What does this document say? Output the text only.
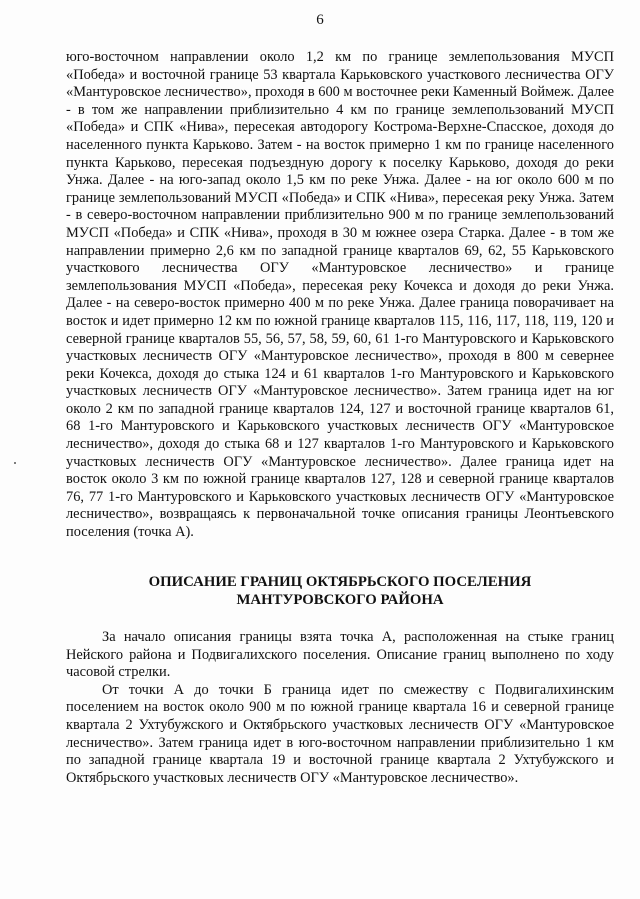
6

юго-восточном направлении около 1,2 км по границе землепользования МУСП «Победа» и восточной границе 53 квартала Карьковского участкового лесничества ОГУ «Мантуровское лесничество», проходя в 600 м восточнее реки Каменный Воймеж. Далее - в том же направлении приблизительно 4 км по границе землепользований МУСП «Победа» и СПК «Нива», пересекая автодорогу Кострома-Верхне-Спасское, доходя до населенного пункта Карьково. Затем - на восток примерно 1 км по границе населенного пункта Карьково, пересекая подъездную дорогу к поселку Карьково, доходя до реки Унжа. Далее - на юго-запад около 1,5 км по реке Унжа. Далее - на юг около 600 м по границе землепользований МУСП «Победа» и СПК «Нива», пересекая реку Унжа. Затем - в северо-восточном направлении приблизительно 900 м по границе землепользований МУСП «Победа» и СПК «Нива», проходя в 30 м южнее озера Старка. Далее - в том же направлении примерно 2,6 км по западной границе кварталов 69, 62, 55 Карьковского участкового лесничества ОГУ «Мантуровское лесничество» и границе землепользования МУСП «Победа», пересекая реку Кочекса и доходя до реки Унжа. Далее - на северо-восток примерно 400 м по реке Унжа. Далее граница поворачивает на восток и идет примерно 12 км по южной границе кварталов 115, 116, 117, 118, 119, 120 и северной границе кварталов 55, 56, 57, 58, 59, 60, 61 1-го Мантуровского и Карьковского участковых лесничеств ОГУ «Мантуровское лесничество», проходя в 800 м севернее реки Кочекса, доходя до стыка 124 и 61 кварталов 1-го Мантуровского и Карьковского участковых лесничеств ОГУ «Мантуровское лесничество». Затем граница идет на юг около 2 км по западной границе кварталов 124, 127 и восточной границе кварталов 61, 68 1-го Мантуровского и Карьковского участковых лесничеств ОГУ «Мантуровское лесничество», доходя до стыка 68 и 127 кварталов 1-го Мантуровского и Карьковского участковых лесничеств ОГУ «Мантуровское лесничество». Далее граница идет на восток около 3 км по южной границе кварталов 127, 128 и северной границе кварталов 76, 77 1-го Мантуровского и Карьковского участковых лесничеств ОГУ «Мантуровское лесничество», возвращаясь к первоначальной точке описания границы Леонтьевского поселения (точка А).

ОПИСАНИЕ ГРАНИЦ ОКТЯБРЬСКОГО ПОСЕЛЕНИЯ
МАНТУРОВСКОГО РАЙОНА

За начало описания границы взята точка А, расположенная на стыке границ Нейского района и Подвигалихского поселения. Описание границ выполнено по ходу часовой стрелки.

От точки А до точки Б граница идет по смежеству с Подвигалихинским поселением на восток около 900 м по южной границе квартала 16 и северной границе квартала 2 Ухтубужского и Октябрьского участковых лесничеств ОГУ «Мантуровское лесничество». Затем граница идет в юго-восточном направлении приблизительно 1 км по западной границе квартала 19 и восточной границе квартала 2 Ухтубужского и Октябрьского участковых лесничеств ОГУ «Мантуровское лесничество».
